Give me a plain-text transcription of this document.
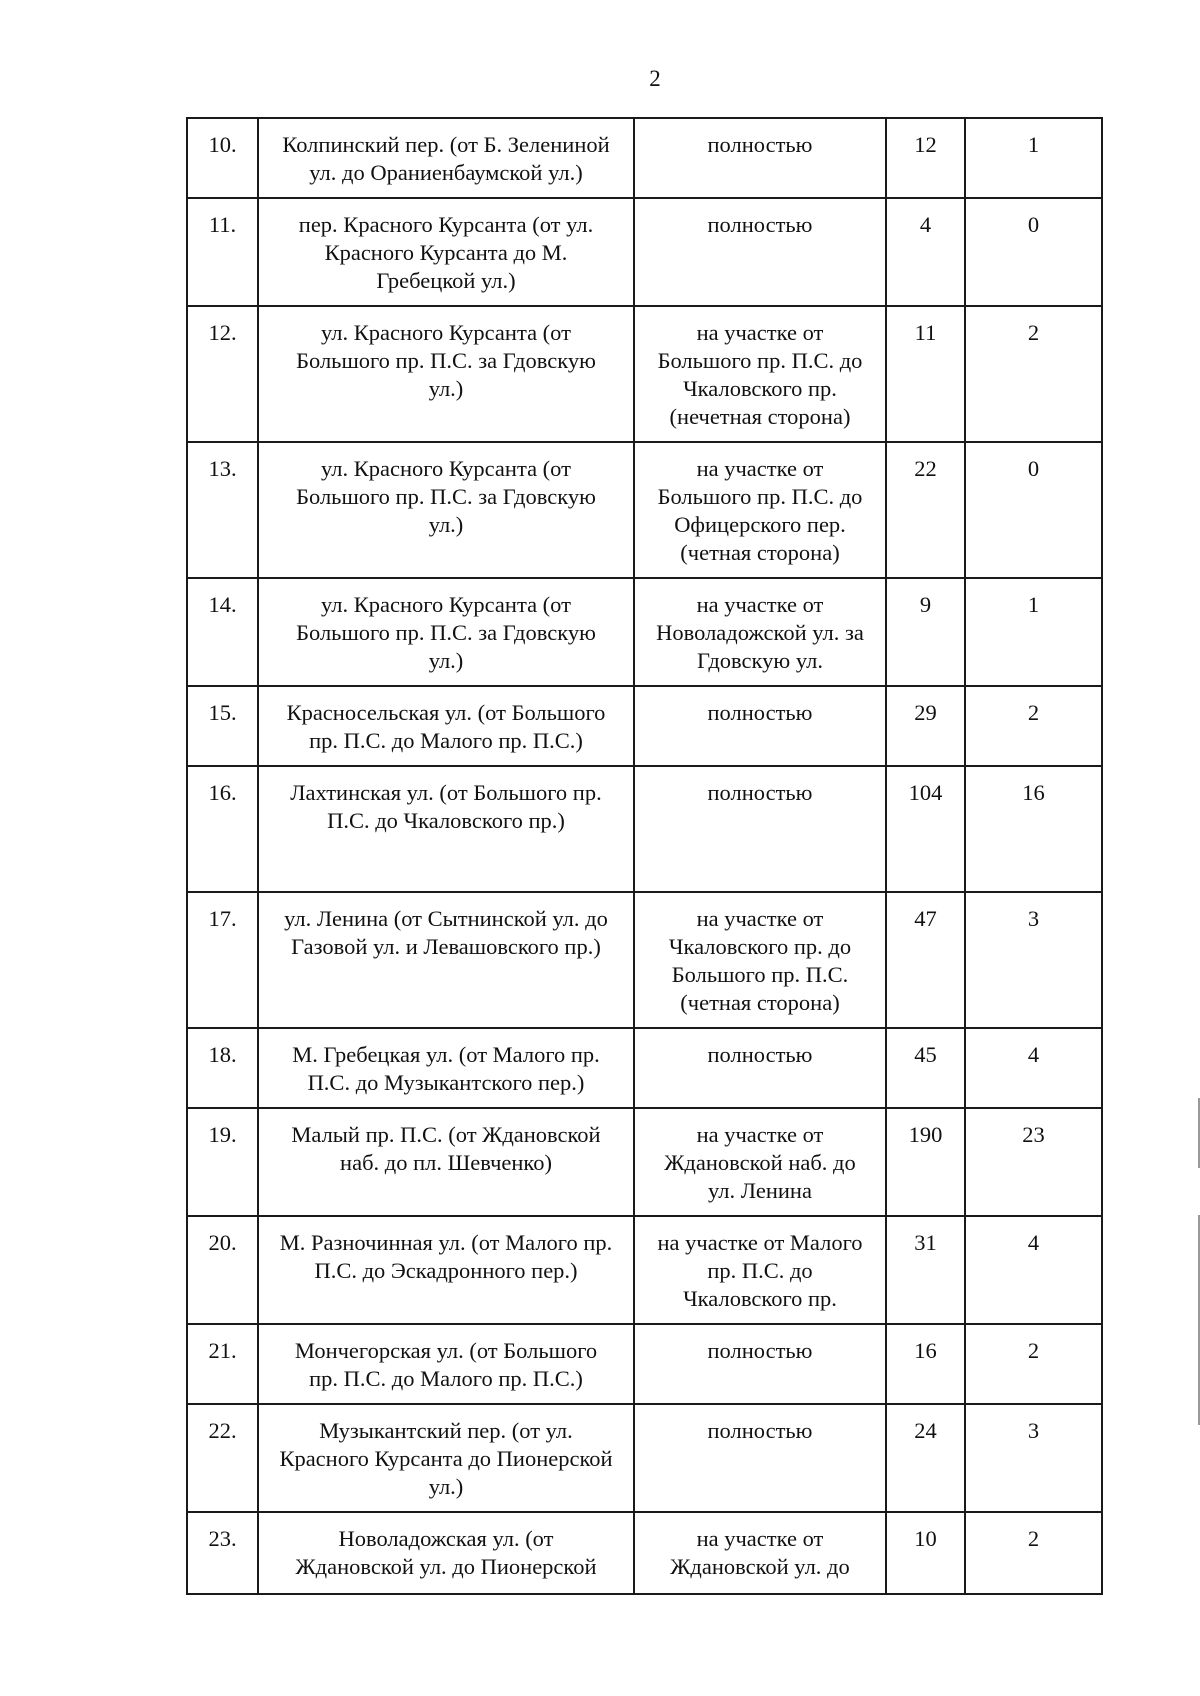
2
10.	Колпинский пер. (от Б. Зелениной
ул. до Ораниенбаумской ул.)	полностью	12	1
11.	пер. Красного Курсанта (от ул.
Красного Курсанта до М.
Гребецкой ул.)	полностью	4	0
12.	ул. Красного Курсанта (от
Большого пр. П.С. за Гдовскую
ул.)	на участке от
Большого пр. П.С. до
Чкаловского пр.
(нечетная сторона)	11	2
13.	ул. Красного Курсанта (от
Большого пр. П.С. за Гдовскую
ул.)	на участке от
Большого пр. П.С. до
Офицерского пер.
(четная сторона)	22	0
14.	ул. Красного Курсанта (от
Большого пр. П.С. за Гдовскую
ул.)	на участке от
Новоладожской ул. за
Гдовскую ул.	9	1
15.	Красносельская ул. (от Большого
пр. П.С. до Малого пр. П.С.)	полностью	29	2
16.	Лахтинская ул. (от Большого пр.
П.С. до Чкаловского пр.)	полностью	104	16
17.	ул. Ленина (от Сытнинской ул. до
Газовой ул. и Левашовского пр.)	на участке от
Чкаловского пр. до
Большого пр. П.С.
(четная сторона)	47	3
18.	М. Гребецкая ул. (от Малого пр.
П.С. до Музыкантского пер.)	полностью	45	4
19.	Малый пр. П.С. (от Ждановской
наб. до пл. Шевченко)	на участке от
Ждановской наб. до
ул. Ленина	190	23
20.	М. Разночинная ул. (от Малого пр.
П.С. до Эскадронного пер.)	на участке от Малого
пр. П.С. до
Чкаловского пр.	31	4
21.	Мончегорская ул. (от Большого
пр. П.С. до Малого пр. П.С.)	полностью	16	2
22.	Музыкантский пер. (от ул.
Красного Курсанта до Пионерской
ул.)	полностью	24	3
23.	Новоладожская ул. (от
Ждановской ул. до Пионерской	на участке от
Ждановской ул. до	10	2
